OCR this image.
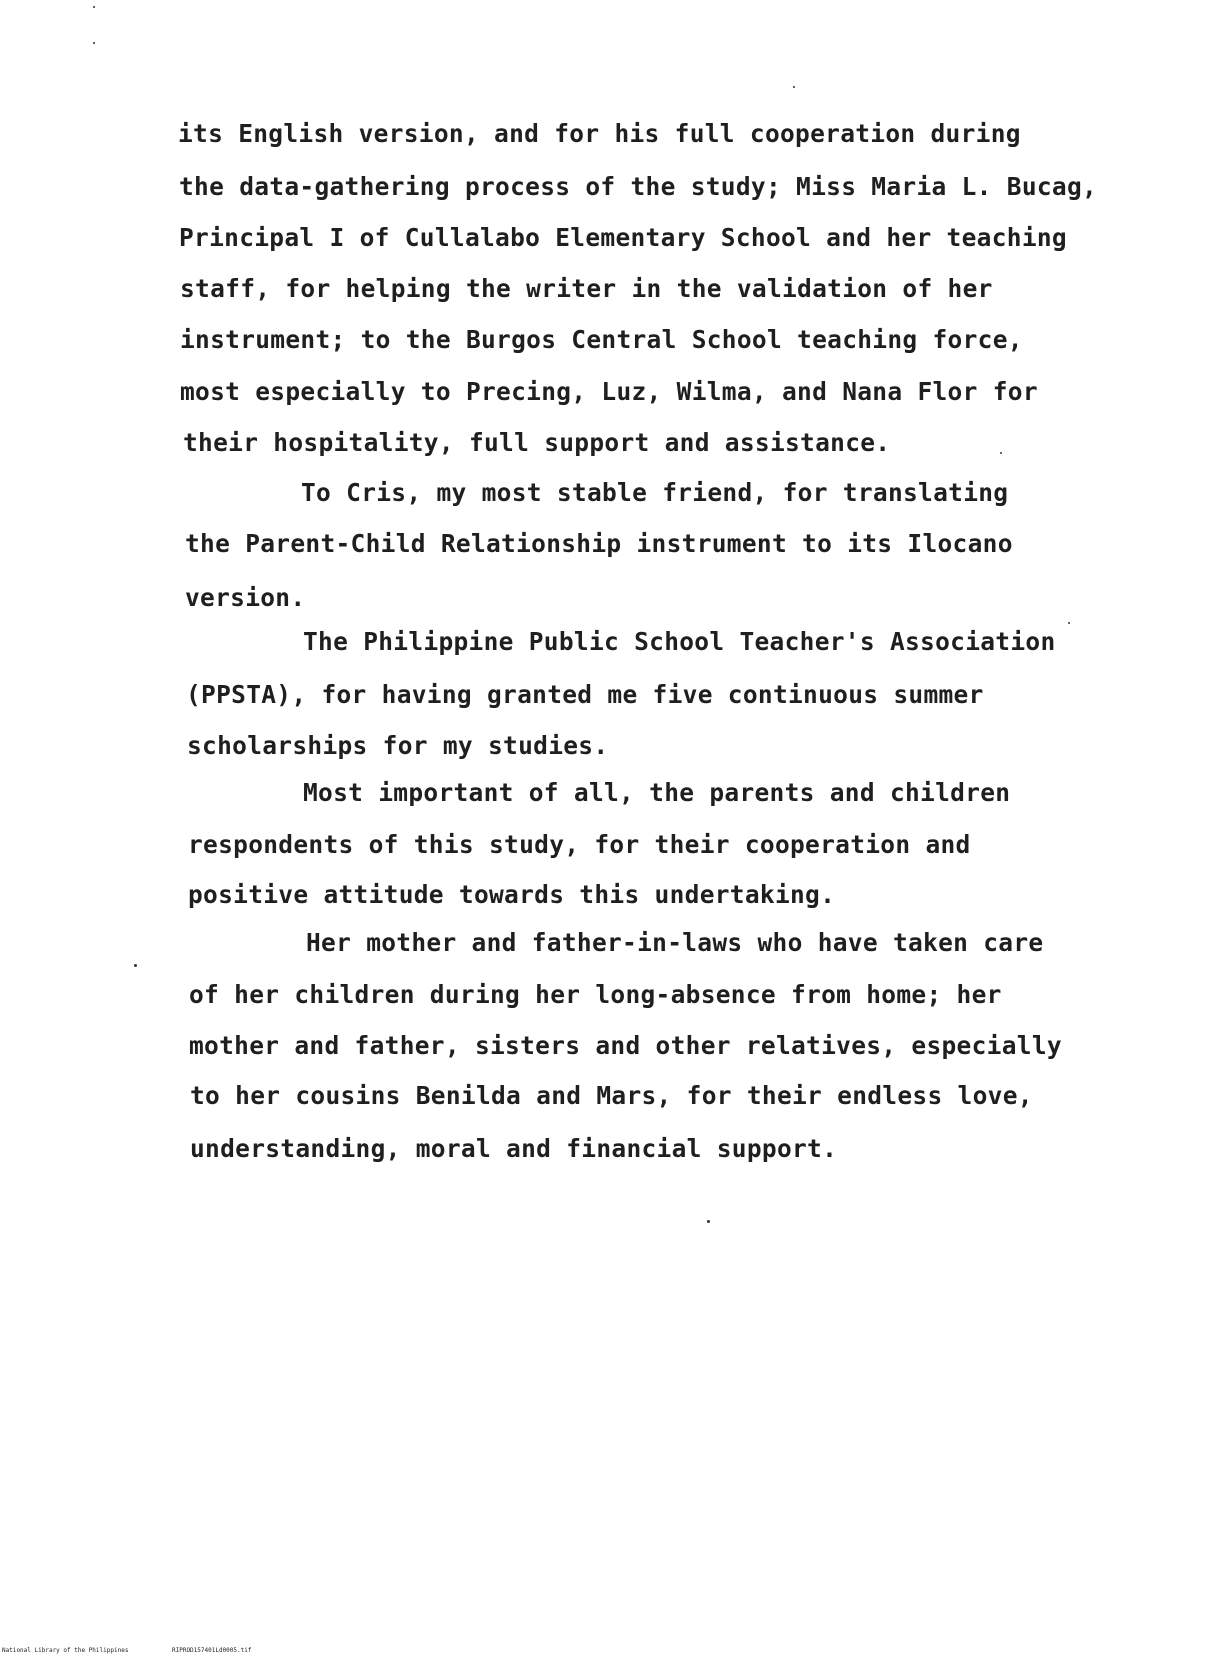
its English version, and for his full cooperation during
the data-gathering process of the study; Miss Maria L. Bucag,
Principal I of Cullalabo Elementary School and her teaching
staff, for helping the writer in the validation of her
instrument; to the Burgos Central School teaching force,
most especially to Precing, Luz, Wilma, and Nana Flor for
their hospitality, full support and assistance.
To Cris, my most stable friend, for translating
the Parent-Child Relationship instrument to its Ilocano
version.
The Philippine Public School Teacher's Association
(PPSTA), for having granted me five continuous summer
scholarships for my studies.
Most important of all, the parents and children
respondents of this study, for their cooperation and
positive attitude towards this undertaking.
Her mother and father-in-laws who have taken care
of her children during her long-absence from home; her
mother and father, sisters and other relatives, especially
to her cousins Benilda and Mars, for their endless love,
understanding, moral and financial support.
National Library of the Philippines	RIPROD157401Ld0005.tif
